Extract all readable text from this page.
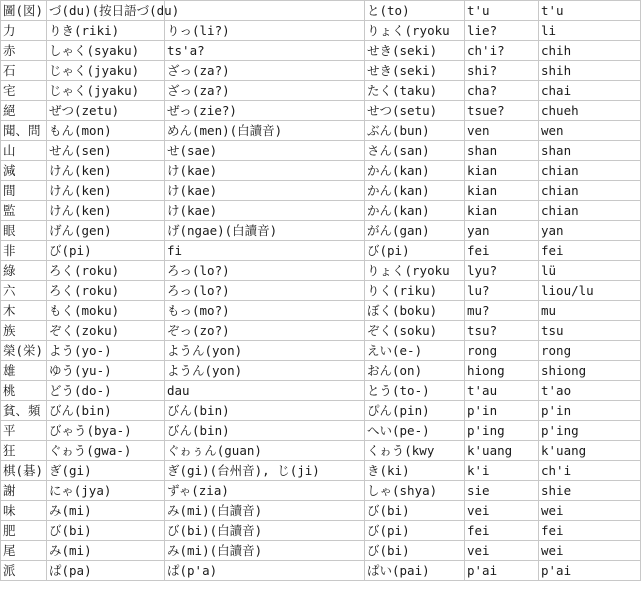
圖(図)	づ(du)(按日語づ(du)		と(to)	t'u	t'u
力	りき(riki)	りっ(li?)	りょく(ryoku	lie?	li
赤	しゃく(syaku)	ts'a?	せき(seki)	ch'i?	chih
石	じゃく(jyaku)	ざっ(za?)	せき(seki)	shi?	shih
宅	じゃく(jyaku)	ざっ(za?)	たく(taku)	cha?	chai
絕	ぜつ(zetu)	ぜっ(zie?)	せつ(setu)	tsue?	chueh
聞、問	もん(mon)	めん(men)(白讀音)	ぶん(bun)	ven	wen
山	せん(sen)	せ(sae)	さん(san)	shan	shan
減	けん(ken)	け(kae)	かん(kan)	kian	chian
間	けん(ken)	け(kae)	かん(kan)	kian	chian
監	けん(ken)	け(kae)	かん(kan)	kian	chian
眼	げん(gen)	げ(ngae)(白讀音)	がん(gan)	yan	yan
非	び(pi)	fi	び(pi)	fei	fei
綠	ろく(roku)	ろっ(lo?)	りょく(ryoku	lyu?	lü
六	ろく(roku)	ろっ(lo?)	りく(riku)	lu?	liou/lu
木	もく(moku)	もっ(mo?)	ぼく(boku)	mu?	mu
族	ぞく(zoku)	ぞっ(zo?)	ぞく(soku)	tsu?	tsu
榮(栄)	よう(yo-)	ようん(yon)	えい(e-)	rong	rong
雄	ゆう(yu-)	ようん(yon)	おん(on)	hiong	shiong
桃	どう(do-)	dau	とう(to-)	t'au	t'ao
貧、頻	びん(bin)	びん(bin)	ぴん(pin)	p'in	p'in
平	びゃう(bya-)	びん(bin)	へい(pe-)	p'ing	p'ing
狂	ぐゎう(gwa-)	ぐゎぅん(guan)	くゎう(kwy	k'uang	k'uang
棋(碁)	ぎ(gi)	ぎ(gi)(台州音), じ(ji)	き(ki)	k'i	ch'i
謝	にゃ(jya)	ずゃ(zia)	しゃ(shya)	sie	shie
味	み(mi)	み(mi)(白讀音)	び(bi)	vei	wei
肥	び(bi)	び(bi)(白讀音)	び(pi)	fei	fei
尾	み(mi)	み(mi)(白讀音)	び(bi)	vei	wei
派	ぱ(pa)	ぱ(p'a)	ぱい(pai)	p'ai	p'ai
